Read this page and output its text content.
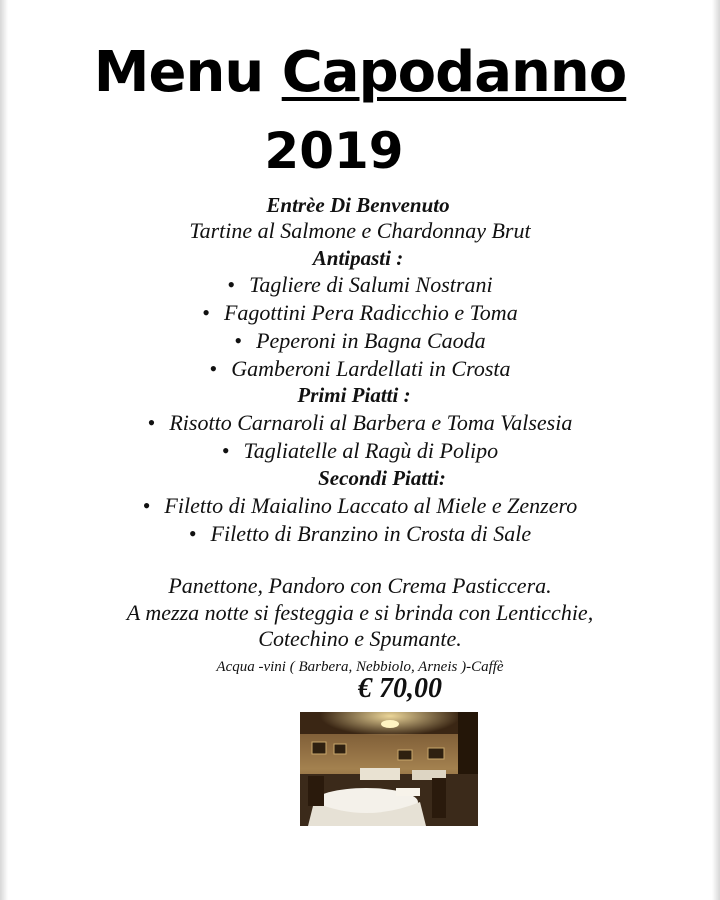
Menu Capodanno
2019
Entrèe Di Benvenuto
Tartine al Salmone e Chardonnay Brut
Antipasti :
• Tagliere di Salumi Nostrani
• Fagottini Pera Radicchio e Toma
• Peperoni in Bagna Caoda
• Gamberoni Lardellati in Crosta
Primi Piatti :
• Risotto Carnaroli al Barbera e Toma Valsesia
• Tagliatelle al Ragù di Polipo
Secondi Piatti:
• Filetto di Maialino Laccato al Miele e Zenzero
• Filetto di Branzino in Crosta di Sale
Panettone, Pandoro con Crema Pasticcera.
A mezza notte si festeggia e si brinda con Lenticchie,
Cotechino e Spumante.
Acqua -vini ( Barbera, Nebbiolo, Arneis )-Caffè
€ 70,00
